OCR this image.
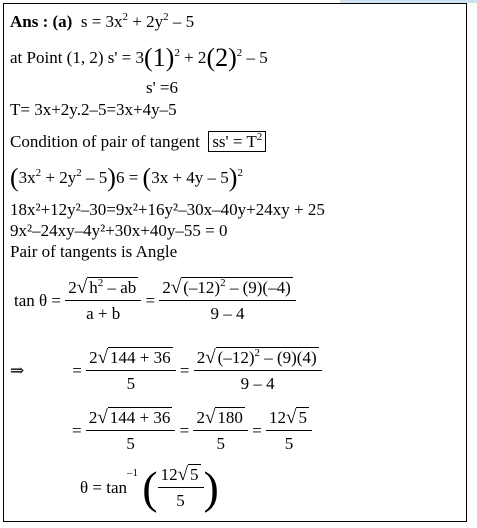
Ans : (a) $s = 3x^2 + 2y^2 - 5$
at Point (1, 2) $s' = 3(1)^2 + 2(2)^2 - 5$
s' =6
T= 3x+2y.2–5=3x+4y–5
Condition of pair of tangent $ss' = T^2$
$(3x^2 + 2y^2 - 5)6 = (3x + 4y - 5)^2$
18x²+12y²–30=9x²+16y²–30x–40y+24xy + 25
9x²–24xy–4y²+30x+40y–55 = 0
Pair of tangents is Angle
$\tan \theta = \frac{2√ h^2 - ab}{a + b} = \frac{2√ (-12)^2 - (9)(-4)}{9 - 4}$
⇒	= $\frac{2√ 144 + 36}{5} = \frac{2√ (-12)^2 - (9)(4)}{9 - 4}$
= $\frac{2√ 144 + 36}{5} = \frac{2√ 180}{5} = \frac{12√ 5}{5}$
$\theta = \tan^{-1}$ ( $\frac{12√ 5}{5}$ )
